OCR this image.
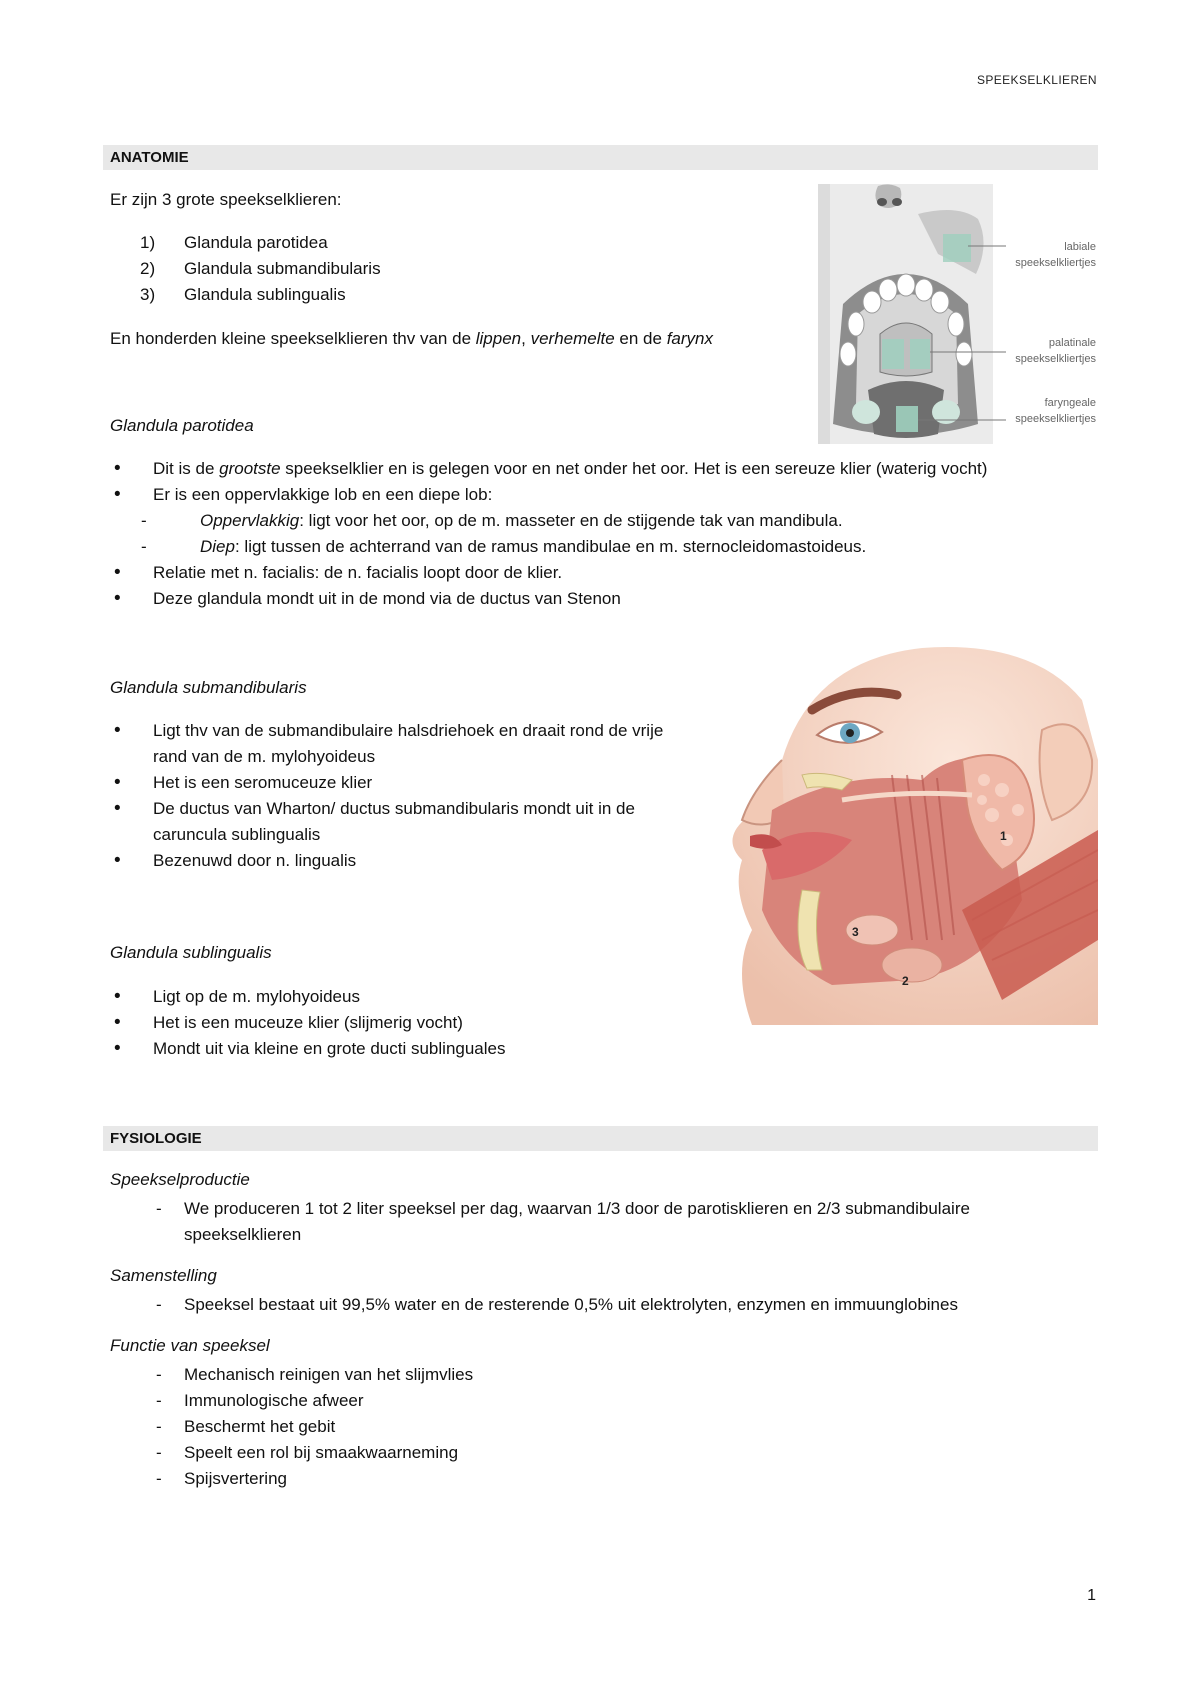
SPEEKSELKLIEREN
ANATOMIE
Er zijn 3 grote speekselklieren:
1) Glandula parotidea
2) Glandula submandibularis
3) Glandula sublingualis
En honderden kleine speekselklieren thv van de lippen, verhemelte en de farynx
labiale
speekselkliertjes
palatinale
speekselkliertjes
faryngeale
speekselkliertjes
Glandula parotidea
• Dit is de grootste speekselklier en is gelegen voor en net onder het oor. Het is een sereuze klier (waterig vocht)
• Er is een oppervlakkige lob en een diepe lob:
- Oppervlakkig: ligt voor het oor, op de m. masseter en de stijgende tak van mandibula.
- Diep: ligt tussen de achterrand van de ramus mandibulae en m. sternocleidomastoideus.
• Relatie met n. facialis: de n. facialis loopt door de klier.
• Deze glandula mondt uit in de mond via de ductus van Stenon
1
2
3
Glandula submandibularis
• Ligt thv van de submandibulaire halsdriehoek en draait rond de vrije rand van de m. mylohyoideus
• Het is een seromuceuze klier
• De ductus van Wharton/ ductus submandibularis mondt uit in de caruncula sublingualis
• Bezenuwd door n. lingualis
Glandula sublingualis
• Ligt op de m. mylohyoideus
• Het is een muceuze klier (slijmerig vocht)
• Mondt uit via kleine en grote ducti sublinguales
FYSIOLOGIE
Speekselproductie
- We produceren 1 tot 2 liter speeksel per dag, waarvan 1/3 door de parotisklieren en 2/3 submandibulaire speekselklieren
Samenstelling
- Speeksel bestaat uit 99,5% water en de resterende 0,5% uit elektrolyten, enzymen en immuunglobines
Functie van speeksel
- Mechanisch reinigen van het slijmvlies
- Immunologische afweer
- Beschermt het gebit
- Speelt een rol bij smaakwaarneming
- Spijsvertering
1
